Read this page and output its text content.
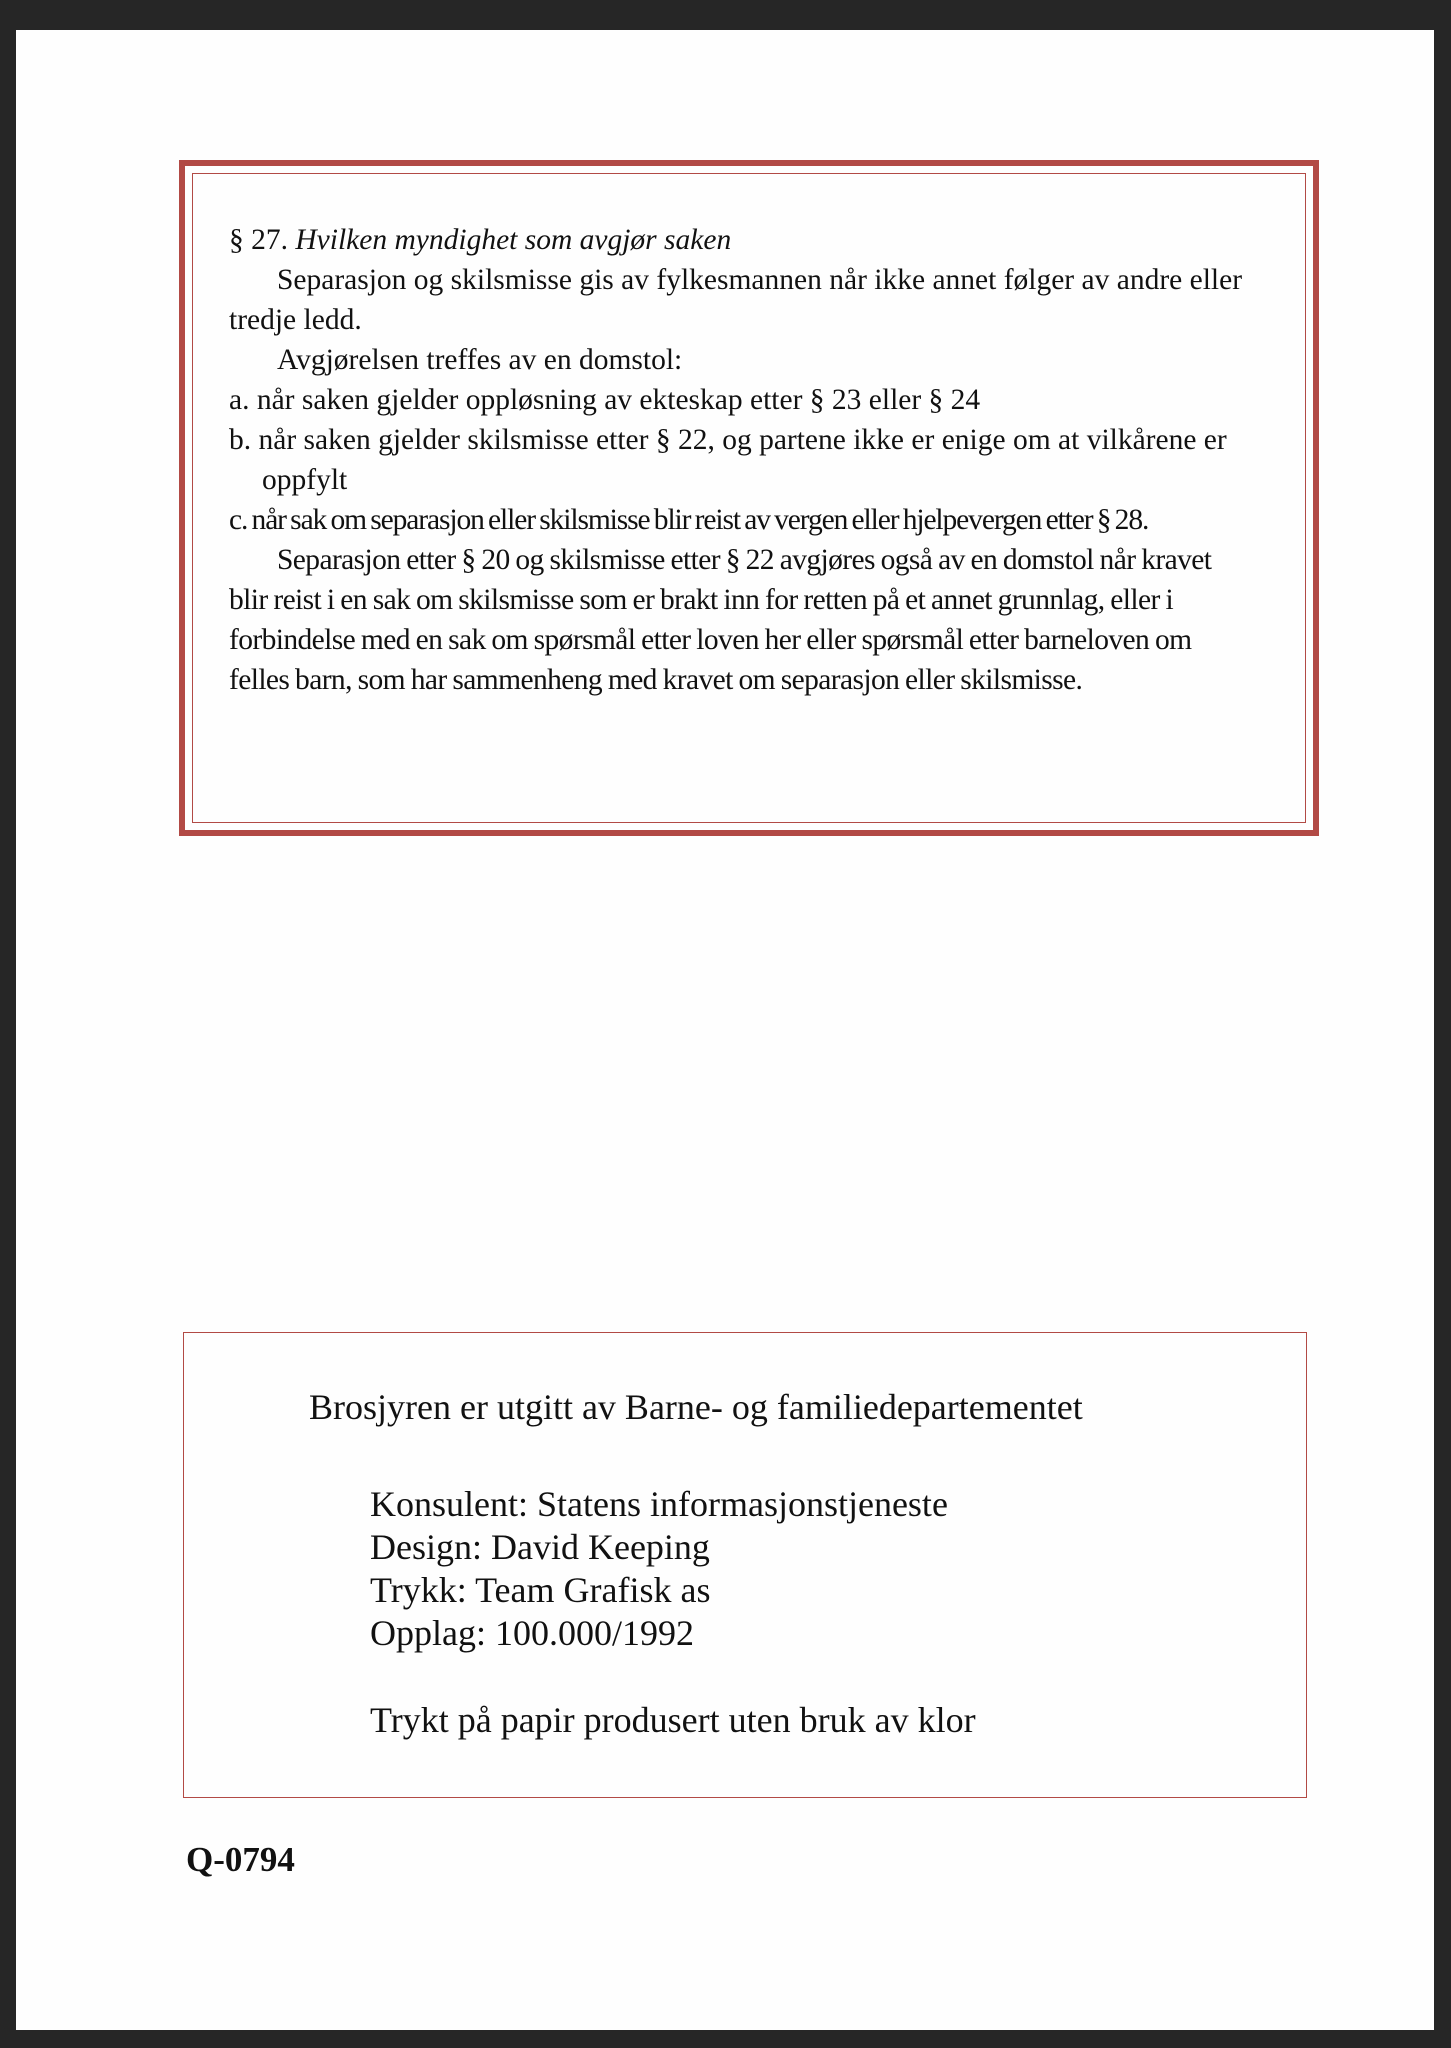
§ 27. Hvilken myndighet som avgjør saken

Separasjon og skilsmisse gis av fylkesmannen når ikke annet følger av andre eller tredje ledd.

Avgjørelsen treffes av en domstol:

a. når saken gjelder oppløsning av ekteskap etter § 23 eller § 24

b. når saken gjelder skilsmisse etter § 22, og partene ikke er enige om at vilkårene er oppfylt

c. når sak om separasjon eller skilsmisse blir reist av vergen eller hjelpevergen etter § 28.

Separasjon etter § 20 og skilsmisse etter § 22 avgjøres også av en domstol når kravet blir reist i en sak om skilsmisse som er brakt inn for retten på et annet grunnlag, eller i forbindelse med en sak om spørsmål etter loven her eller spørsmål etter barneloven om felles barn, som har sammenheng med kravet om separasjon eller skilsmisse.

Brosjyren er utgitt av Barne- og familiedepartementet
Konsulent: Statens informasjonstjeneste
Design: David Keeping
Trykk: Team Grafisk as
Opplag: 100.000/1992
Trykt på papir produsert uten bruk av klor
Q-0794
